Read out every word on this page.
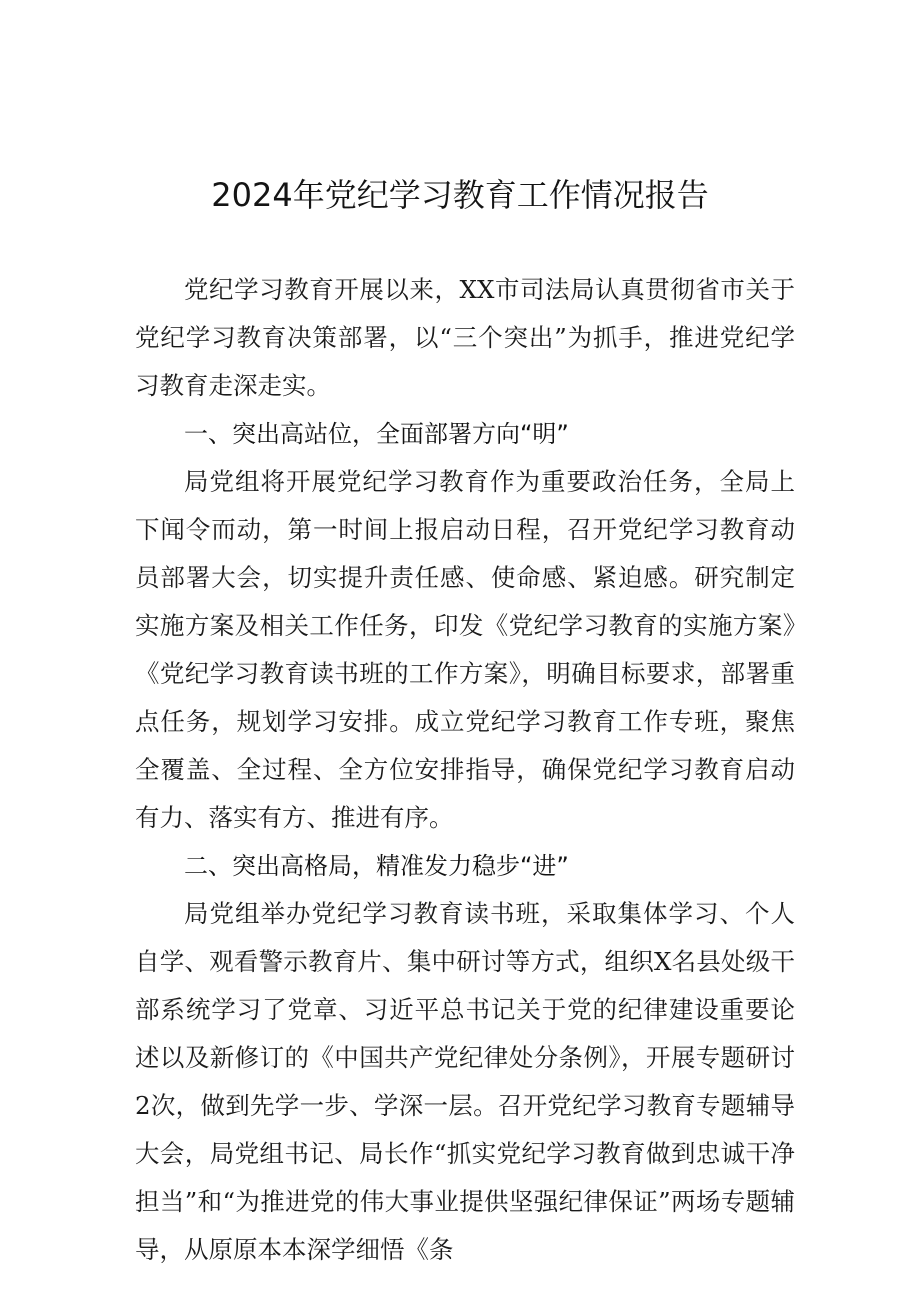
2024年党纪学习教育工作情况报告

党纪学习教育开展以来，XX市司法局认真贯彻省市关于党纪学习教育决策部署，以“三个突出”为抓手，推进党纪学习教育走深走实。

一、突出高站位，全面部署方向“明”

局党组将开展党纪学习教育作为重要政治任务，全局上下闻令而动，第一时间上报启动日程，召开党纪学习教育动员部署大会，切实提升责任感、使命感、紧迫感。研究制定实施方案及相关工作任务，印发《党纪学习教育的实施方案》《党纪学习教育读书班的工作方案》，明确目标要求，部署重点任务，规划学习安排。成立党纪学习教育工作专班，聚焦全覆盖、全过程、全方位安排指导，确保党纪学习教育启动有力、落实有方、推进有序。

二、突出高格局，精准发力稳步“进”

局党组举办党纪学习教育读书班，采取集体学习、个人自学、观看警示教育片、集中研讨等方式，组织X名县处级干部系统学习了党章、习近平总书记关于党的纪律建设重要论述以及新修订的《中国共产党纪律处分条例》，开展专题研讨2次，做到先学一步、学深一层。召开党纪学习教育专题辅导大会，局党组书记、局长作“抓实党纪学习教育做到忠诚干净担当”和“为推进党的伟大事业提供坚强纪律保证”两场专题辅导，从原原本本深学细悟《条
